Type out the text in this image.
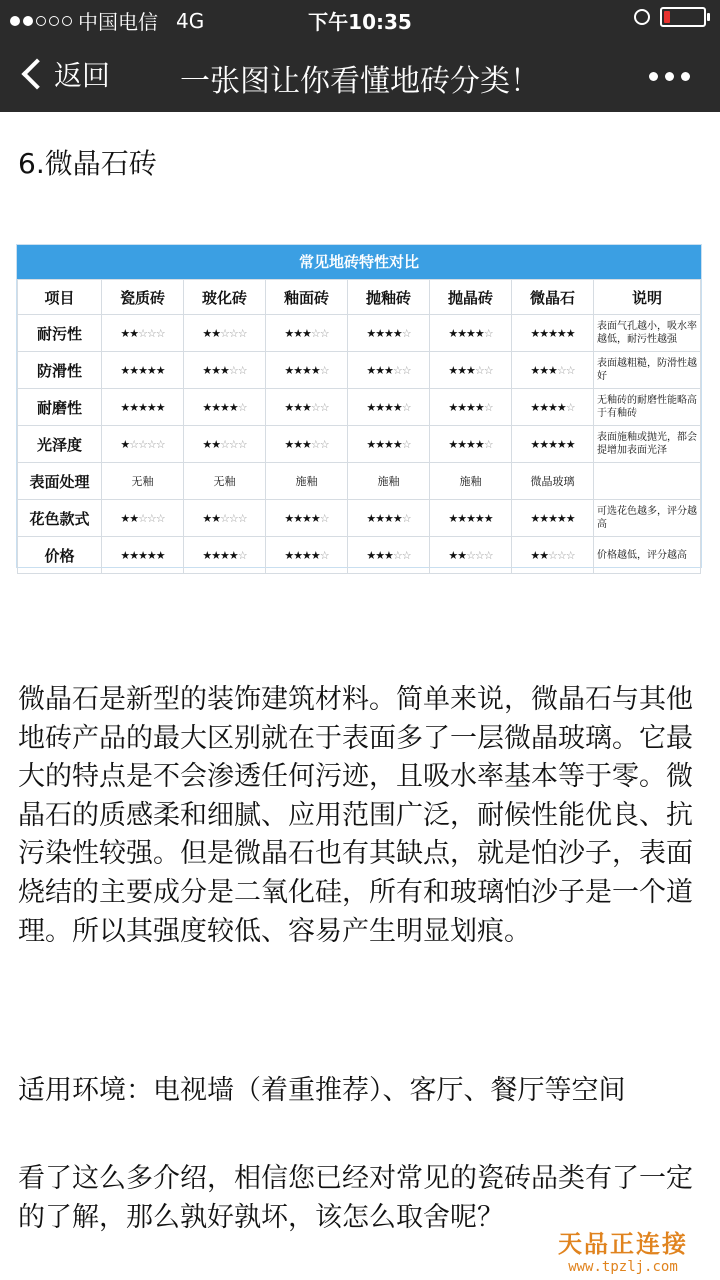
中国电信 4G	下午10:35
返回	一张图让你看懂地砖分类！
6.微晶石砖
常见地砖特性对比
项目	瓷质砖	玻化砖	釉面砖	抛釉砖	抛晶砖	微晶石	说明
耐污性	★★☆☆☆	★★☆☆☆	★★★☆☆	★★★★☆	★★★★☆	★★★★★	表面气孔越小，吸水率越低，耐污性越强
防滑性	★★★★★	★★★☆☆	★★★★☆	★★★☆☆	★★★☆☆	★★★☆☆	表面越粗糙，防滑性越好
耐磨性	★★★★★	★★★★☆	★★★☆☆	★★★★☆	★★★★☆	★★★★☆	无釉砖的耐磨性能略高于有釉砖
光泽度	★☆☆☆☆	★★☆☆☆	★★★☆☆	★★★★☆	★★★★☆	★★★★★	表面施釉或抛光，都会提增加表面光泽
表面处理	无釉	无釉	施釉	施釉	施釉	微晶玻璃	
花色款式	★★☆☆☆	★★☆☆☆	★★★★☆	★★★★☆	★★★★★	★★★★★	可选花色越多，评分越高
价格	★★★★★	★★★★☆	★★★★☆	★★★☆☆	★★☆☆☆	★★☆☆☆	价格越低，评分越高
微晶石是新型的装饰建筑材料。简单来说，微晶石与其他地砖产品的最大区别就在于表面多了一层微晶玻璃。它最大的特点是不会渗透任何污迹，且吸水率基本等于零。微晶石的质感柔和细腻、应用范围广泛，耐候性能优良、抗污染性较强。但是微晶石也有其缺点，就是怕沙子，表面烧结的主要成分是二氧化硅，所有和玻璃怕沙子是一个道理。所以其强度较低、容易产生明显划痕。
适用环境：电视墙（着重推荐）、客厅、餐厅等空间
看了这么多介绍，相信您已经对常见的瓷砖品类有了一定的了解，那么孰好孰坏，该怎么取舍呢？
天品正连接
www.tpzlj.com
